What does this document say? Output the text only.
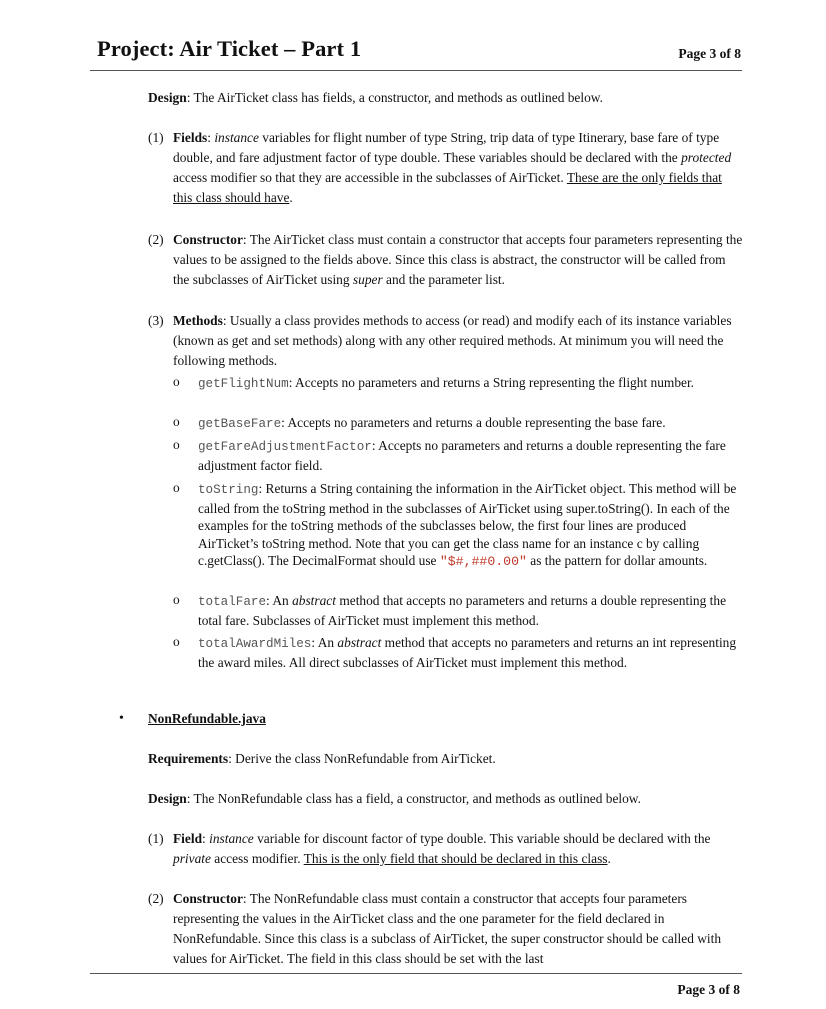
Project: Air Ticket – Part 1	Page 3 of 8
Design: The AirTicket class has fields, a constructor, and methods as outlined below.
(1) Fields: instance variables for flight number of type String, trip data of type Itinerary, base fare of type double, and fare adjustment factor of type double. These variables should be declared with the protected access modifier so that they are accessible in the subclasses of AirTicket. These are the only fields that this class should have.
(2) Constructor: The AirTicket class must contain a constructor that accepts four parameters representing the values to be assigned to the fields above. Since this class is abstract, the constructor will be called from the subclasses of AirTicket using super and the parameter list.
(3) Methods: Usually a class provides methods to access (or read) and modify each of its instance variables (known as get and set methods) along with any other required methods. At minimum you will need the following methods.
o getFlightNum: Accepts no parameters and returns a String representing the flight number.
o getBaseFare: Accepts no parameters and returns a double representing the base fare.
o getFareAdjustmentFactor: Accepts no parameters and returns a double representing the fare adjustment factor field.
o toString: Returns a String containing the information in the AirTicket object. This method will be called from the toString method in the subclasses of AirTicket using super.toString(). In each of the examples for the toString methods of the subclasses below, the first four lines are produced AirTicket’s toString method. Note that you can get the class name for an instance c by calling c.getClass(). The DecimalFormat should use "$#,##0.00" as the pattern for dollar amounts.
o totalFare: An abstract method that accepts no parameters and returns a double representing the total fare. Subclasses of AirTicket must implement this method.
o totalAwardMiles: An abstract method that accepts no parameters and returns an int representing the award miles. All direct subclasses of AirTicket must implement this method.
• NonRefundable.java
Requirements: Derive the class NonRefundable from AirTicket.
Design: The NonRefundable class has a field, a constructor, and methods as outlined below.
(1) Field: instance variable for discount factor of type double. This variable should be declared with the private access modifier. This is the only field that should be declared in this class.
(2) Constructor: The NonRefundable class must contain a constructor that accepts four parameters representing the values in the AirTicket class and the one parameter for the field declared in NonRefundable. Since this class is a subclass of AirTicket, the super constructor should be called with values for AirTicket. The field in this class should be set with the last
Page 3 of 8
